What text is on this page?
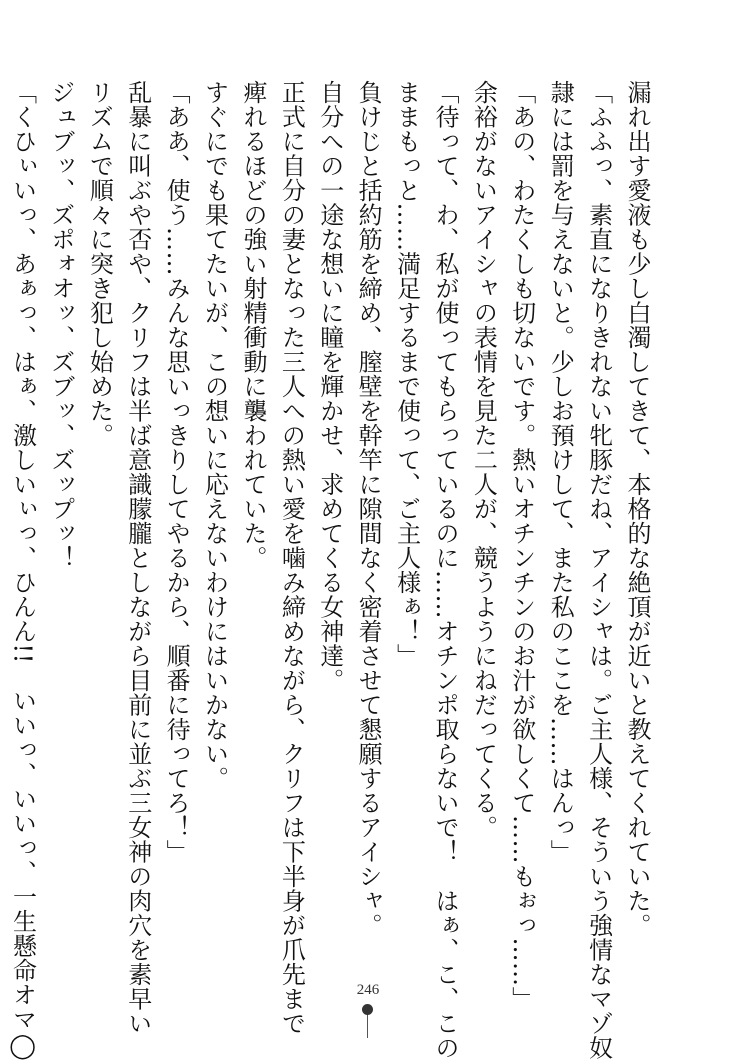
漏れ出す愛液も少し白濁してきて、本格的な絶頂が近いと教えてくれていた。

「ふふっ、素直になりきれない牝豚だね、アイシャは。ご主人様、そういう強情なマゾ奴

隷には罰を与えないと。少しお預けして、また私のここを……はんっ」

「あの、わたくしも切ないです。熱いオチンチンのお汁が欲しくて……もぉっ……」

余裕がないアイシャの表情を見た二人が、競うようにねだってくる。

「待って、わ、私が使ってもらっているのに……オチンポ取らないで！　はぁ、こ、この

ままもっと……満足するまで使って、ご主人様ぁ！」

負けじと括約筋を締め、膣壁を幹竿に隙間なく密着させて懇願するアイシャ。

自分への一途な想いに瞳を輝かせ、求めてくる女神達。

正式に自分の妻となった三人への熱い愛を噛み締めながら、クリフは下半身が爪先まで

痺れるほどの強い射精衝動に襲われていた。

すぐにでも果てたいが、この想いに応えないわけにはいかない。

「ああ、使う……みんな思いっきりしてやるから、順番に待ってろ！」

乱暴に叫ぶや否や、クリフは半ば意識朦朧としながら目前に並ぶ三女神の肉穴を素早い

リズムで順々に突き犯し始めた。

ジュブッ、ズポォオッ、ズブッ、ズップッ！

「くひぃいっ、あぁっ、はぁ、激しいぃっ、ひんん!!　いいっ、いいっ、一生懸命オマ◯	246
